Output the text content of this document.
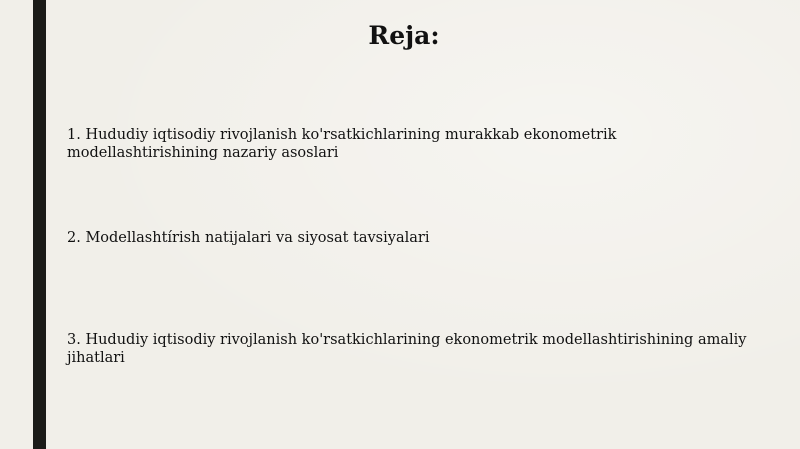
Reja:

1. Hududiy iqtisodiy rivojlanish ko'rsatkichlarining murakkab ekonometrik modellashtirishining nazariy asoslari

2. Modellashtírish natijalari va siyosat tavsiyalari

3. Hududiy iqtisodiy rivojlanish ko'rsatkichlarining ekonometrik modellashtirishining amaliy jihatlari
